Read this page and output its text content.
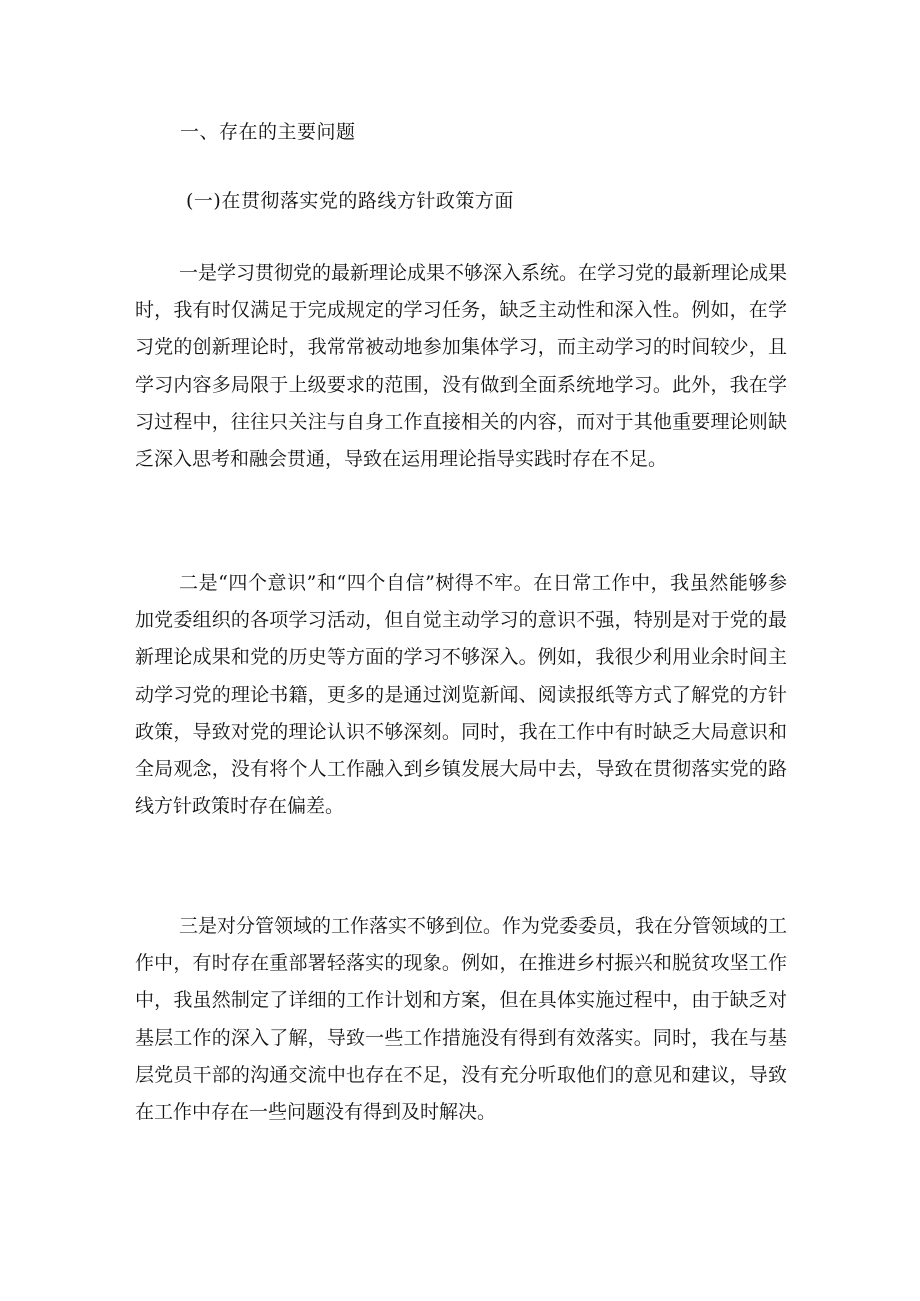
一、存在的主要问题
(一)在贯彻落实党的路线方针政策方面

一是学习贯彻党的最新理论成果不够深入系统。在学习党的最新理论成果时，我有时仅满足于完成规定的学习任务，缺乏主动性和深入性。例如，在学习党的创新理论时，我常常被动地参加集体学习，而主动学习的时间较少，且学习内容多局限于上级要求的范围，没有做到全面系统地学习。此外，我在学习过程中，往往只关注与自身工作直接相关的内容，而对于其他重要理论则缺乏深入思考和融会贯通，导致在运用理论指导实践时存在不足。

二是“四个意识”和“四个自信”树得不牢。在日常工作中，我虽然能够参加党委组织的各项学习活动，但自觉主动学习的意识不强，特别是对于党的最新理论成果和党的历史等方面的学习不够深入。例如，我很少利用业余时间主动学习党的理论书籍，更多的是通过浏览新闻、阅读报纸等方式了解党的方针政策，导致对党的理论认识不够深刻。同时，我在工作中有时缺乏大局意识和全局观念，没有将个人工作融入到乡镇发展大局中去，导致在贯彻落实党的路线方针政策时存在偏差。

三是对分管领域的工作落实不够到位。作为党委委员，我在分管领域的工作中，有时存在重部署轻落实的现象。例如，在推进乡村振兴和脱贫攻坚工作中，我虽然制定了详细的工作计划和方案，但在具体实施过程中，由于缺乏对基层工作的深入了解，导致一些工作措施没有得到有效落实。同时，我在与基层党员干部的沟通交流中也存在不足，没有充分听取他们的意见和建议，导致在工作中存在一些问题没有得到及时解决。
